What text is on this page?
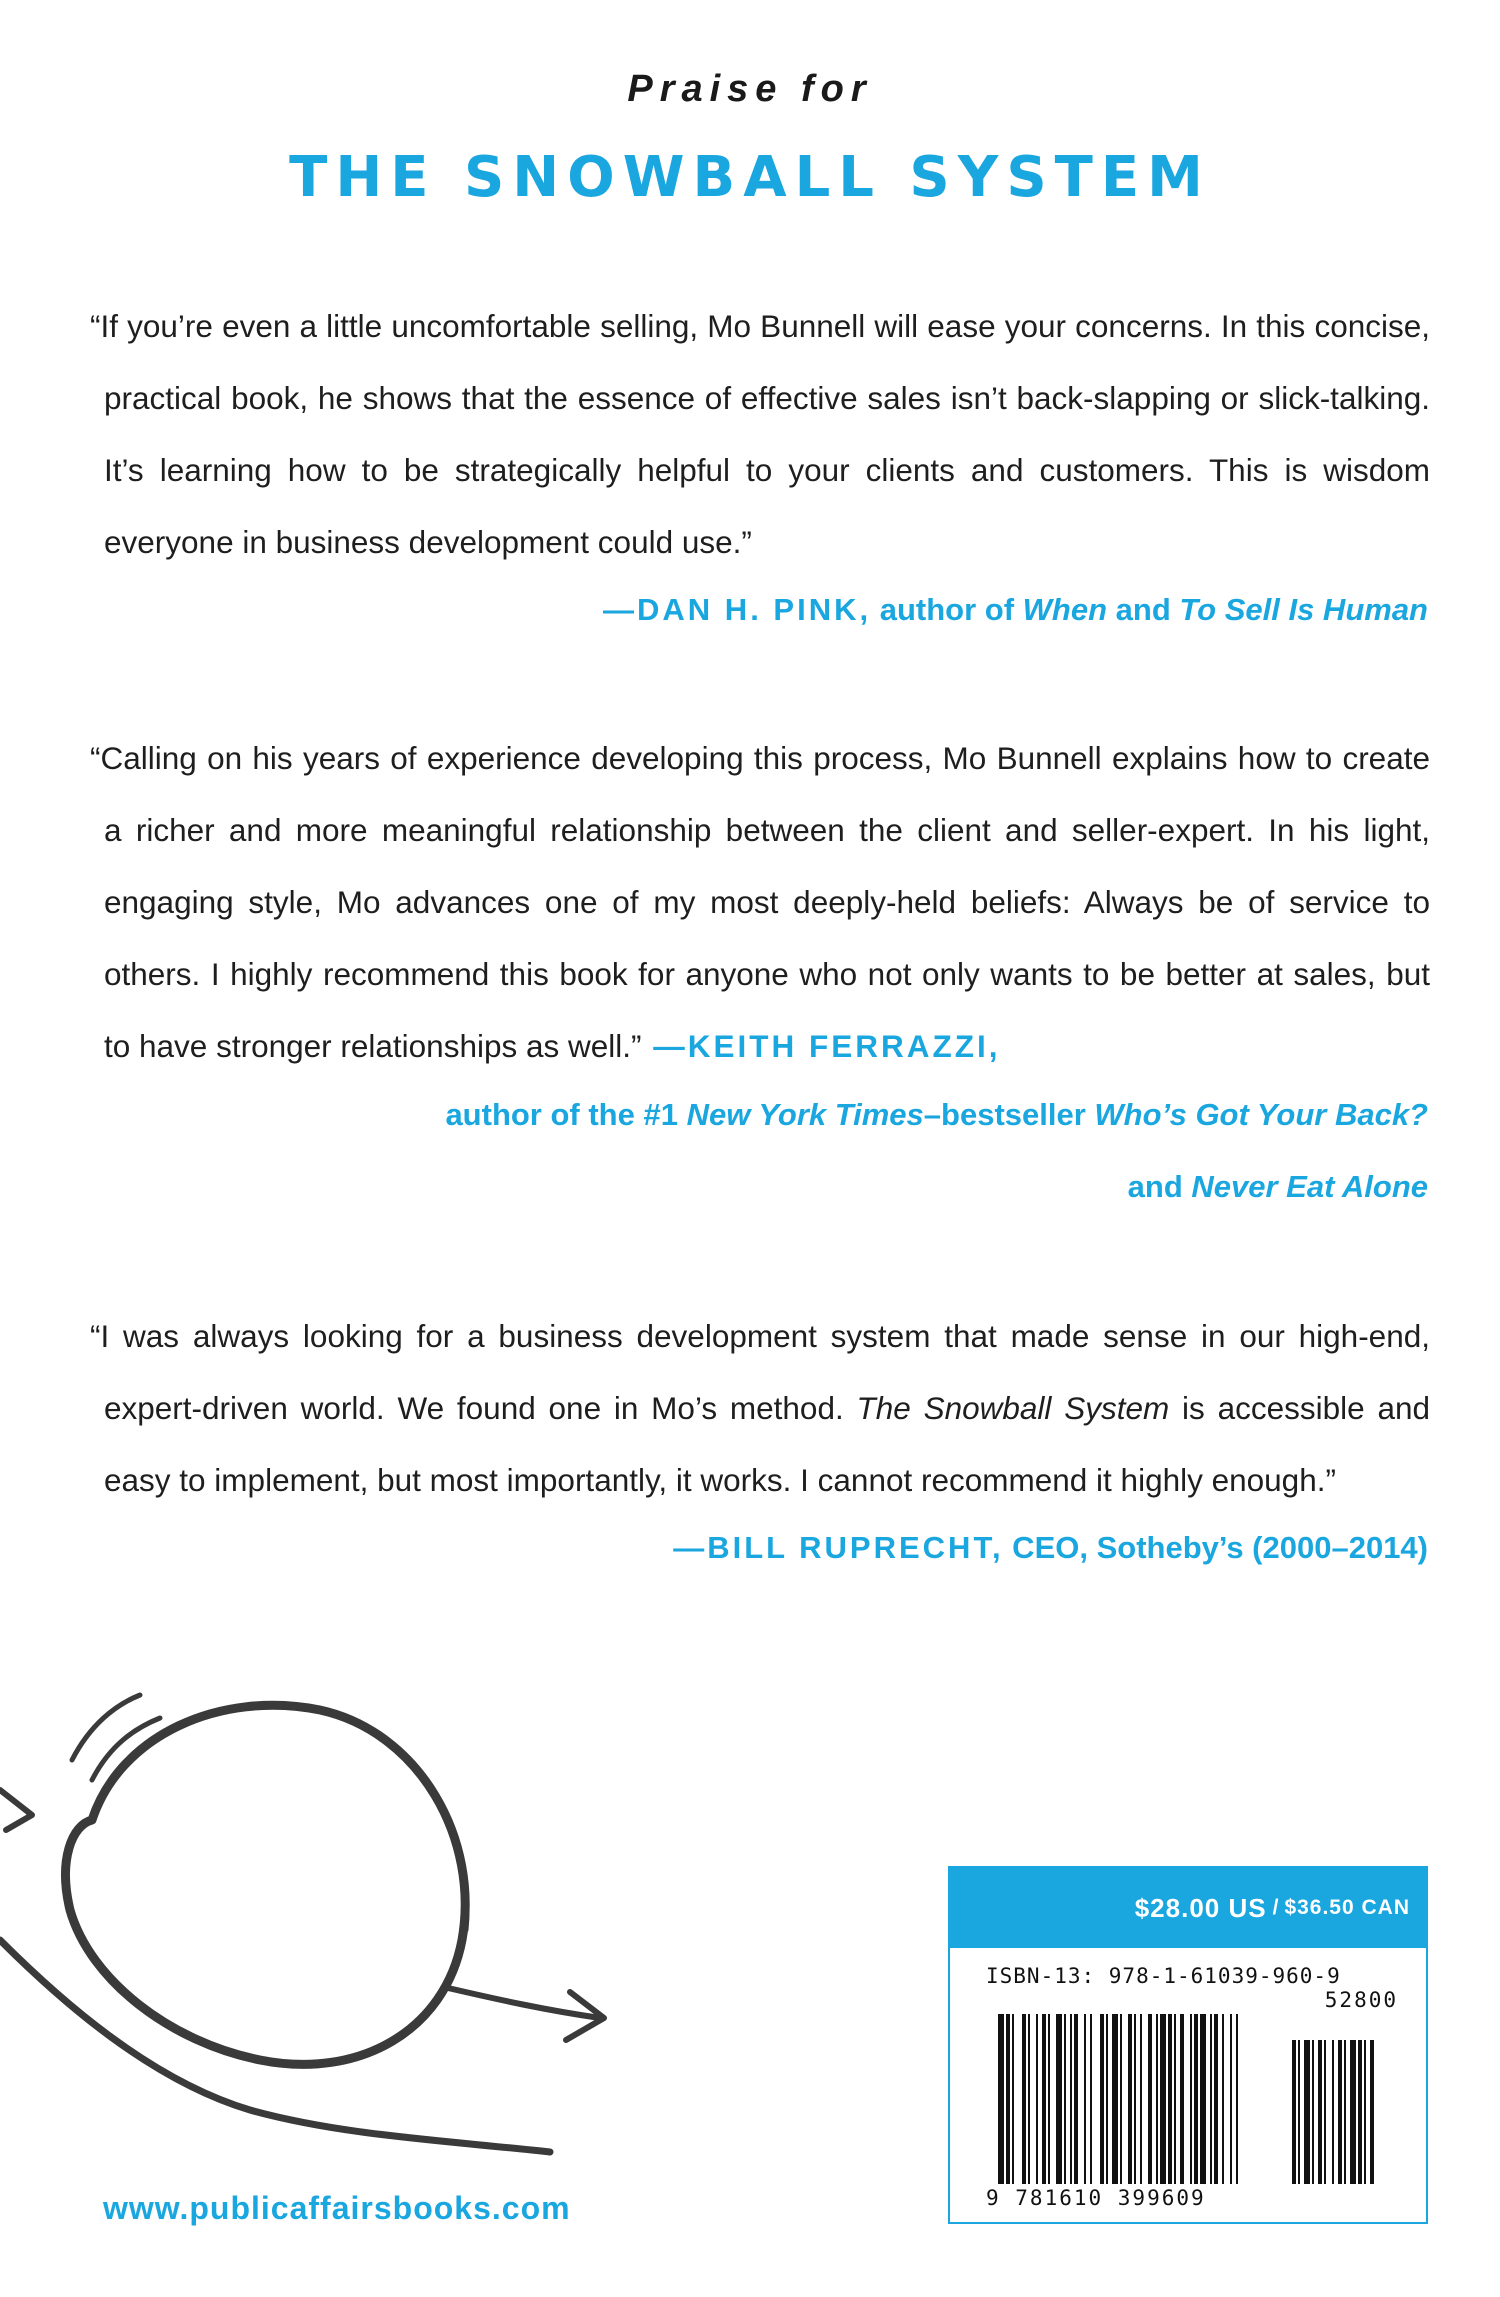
Praise for
THE SNOWBALL SYSTEM

“If you’re even a little uncomfortable selling, Mo Bunnell will ease your concerns. In this concise, practical book, he shows that the essence of effective sales isn’t back-slapping or slick-talking. It’s learning how to be strategically helpful to your clients and customers. This is wisdom everyone in business development could use.”

—DAN H. PINK, author of When and To Sell Is Human

“Calling on his years of experience developing this process, Mo Bunnell explains how to create a richer and more meaningful relationship between the client and seller-expert. In his light, engaging style, Mo advances one of my most deeply-held beliefs: Always be of service to others. I highly recommend this book for anyone who not only wants to be better at sales, but to have stronger relationships as well.” —KEITH FERRAZZI,

author of the #1 New York Times–bestseller Who’s Got Your Back?
and Never Eat Alone

“I was always looking for a business development system that made sense in our high-end, expert-driven world. We found one in Mo’s method. The Snowball System is accessible and easy to implement, but most importantly, it works. I cannot recommend it highly enough.”

—BILL RUPRECHT, CEO, Sotheby’s (2000–2014)
www.publicaffairsbooks.com
$28.00 US / $36.50 CAN
ISBN-13: 978-1-61039-960-9
52800
9 781610 399609
